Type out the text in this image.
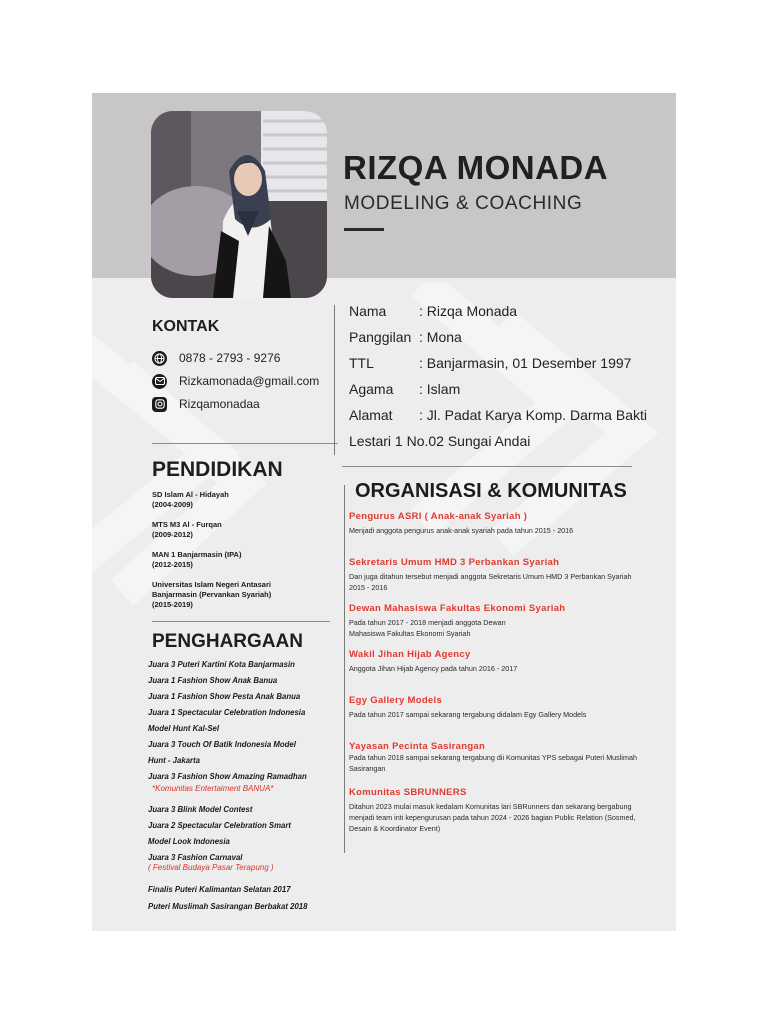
RIZQA MONADA
MODELING & COACHING
KONTAK
0878 - 2793 - 9276
Rizkamonada@gmail.com
Rizqamonadaa
Nama : Rizqa Monada
Panggilan : Mona
TTL	: Banjarmasin, 01 Desember 1997
Agama : Islam
Alamat : Jl. Padat Karya Komp. Darma Bakti
Lestari 1 No.02 Sungai Andai
PENDIDIKAN
SD Islam Al - Hidayah
(2004-2009)
MTS M3 Al - Furqan
(2009-2012)
MAN 1 Banjarmasin (IPA)
(2012-2015)
Universitas Islam Negeri Antasari
Banjarmasin (Pervankan Syariah)
(2015-2019)
PENGHARGAAN
Juara 3 Puteri Kartini Kota Banjarmasin
Juara 1 Fashion Show Anak Banua
Juara 1 Fashion Show Pesta Anak Banua
Juara 1 Spectacular Celebration Indonesia
Model Hunt Kal-Sel
Juara 3 Touch Of Batik Indonesia Model
Hunt - Jakarta
Juara 3 Fashion Show Amazing Ramadhan
*Komunitas Entertaiment BANUA*
Juara 3 Blink Model Contest
Juara 2 Spectacular Celebration Smart
Model Look Indonesia
Juara 3 Fashion Carnaval
( Festival Budaya Pasar Terapung )
Finalis Puteri Kalimantan Selatan 2017
Puteri Muslimah Sasirangan Berbakat 2018
ORGANISASI & KOMUNITAS
Pengurus ASRI ( Anak-anak Syariah )
Menjadi anggota pengurus anak-anak syariah pada tahun 2015 - 2016
Sekretaris Umum HMD 3 Perbankan Syariah
Dan juga ditahun tersebut menjadi anggota Sekretaris Umum HMD 3 Perbankan Syariah 2015 - 2016
Dewan Mahasiswa Fakultas Ekonomi Syariah
Pada tahun 2017 - 2018 menjadi anggota Dewan Mahasiswa Fakultas Ekonomi Syariah
Wakil Jihan Hijab Agency
Anggota Jihan Hijab Agency pada tahun 2016 - 2017
Egy Gallery Models
Pada tahun 2017 sampai sekarang tergabung didalam Egy Gallery Models
Yayasan Pecinta Sasirangan
Pada tahun 2018 sampai sekarang tergabung dii Komunitas YPS sebagai Puteri Muslimah Sasirangan
Komunitas SBRUNNERS
Ditahun 2023 mulai masuk kedalam Komunitas lari SBRunners dan sekarang bergabung menjadi team inti kepengurusan pada tahun 2024 - 2026 bagian Public Relation (Sosmed, Desain & Koordinator Event)
